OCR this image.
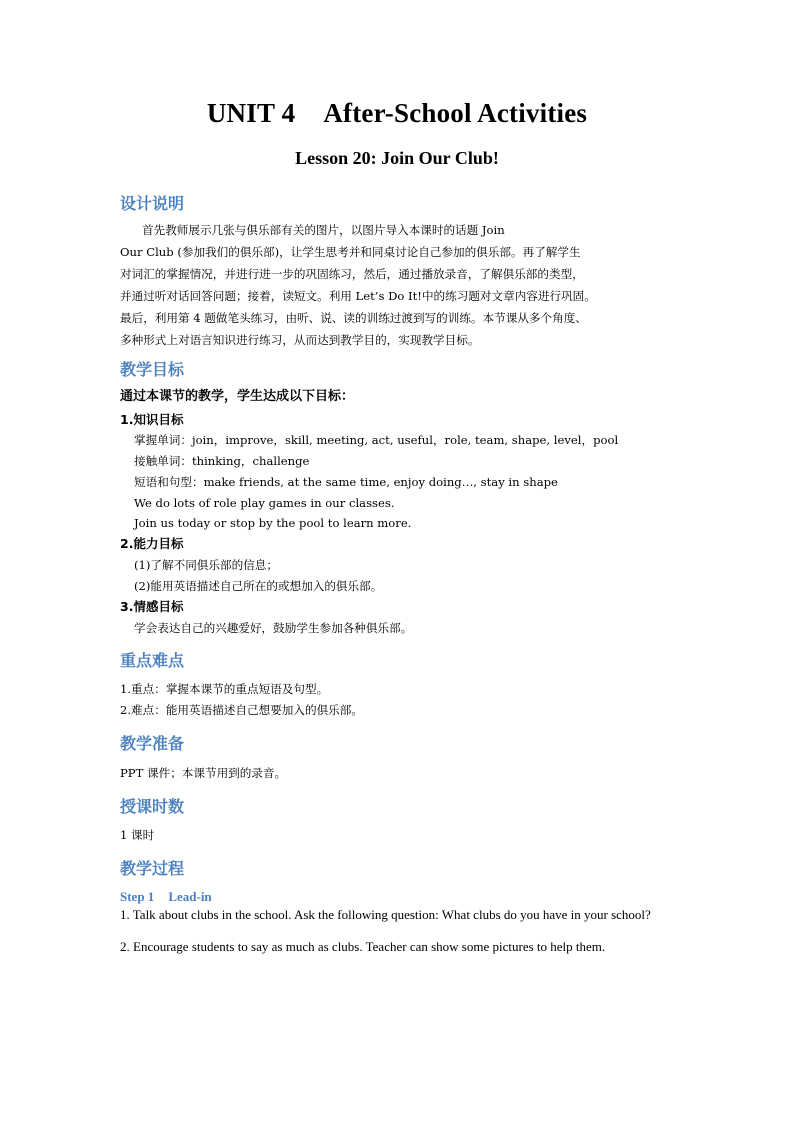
UNIT 4 After-School Activities
Lesson 20: Join Our Club!
设计说明
首先教师展示几张与俱乐部有关的图片，以图片导入本课时的话题 Join
Our Club (参加我们的俱乐部)，让学生思考并和同桌讨论自己参加的俱乐部。再了解学生
对词汇的掌握情况，并进行进一步的巩固练习，然后，通过播放录音，了解俱乐部的类型，
并通过听对话回答问题；接着，读短文。利用 Let’s Do It!中的练习题对文章内容进行巩固。
最后，利用第 4 题做笔头练习，由听、说、读的训练过渡到写的训练。本节课从多个角度、
多种形式上对语言知识进行练习，从而达到教学目的，实现教学目标。
教学目标
通过本课节的教学，学生达成以下目标：
1.知识目标
掌握单词：join，improve，skill, meeting, act, useful，role, team, shape, level，pool
接触单词：thinking，challenge
短语和句型：make friends, at the same time, enjoy doing…, stay in shape
We do lots of role play games in our classes.
Join us today or stop by the pool to learn more.
2.能力目标
(1)了解不同俱乐部的信息；
(2)能用英语描述自己所在的或想加入的俱乐部。
3.情感目标
学会表达自己的兴趣爱好，鼓励学生参加各种俱乐部。
重点难点
1.重点：掌握本课节的重点短语及句型。
2.难点：能用英语描述自己想要加入的俱乐部。
教学准备
PPT 课件；本课节用到的录音。
授课时数
1 课时
教学过程
Step 1 Lead-in
1. Talk about clubs in the school. Ask the following question: What clubs do you have in your school?
2. Encourage students to say as much as clubs. Teacher can show some pictures to help them.
